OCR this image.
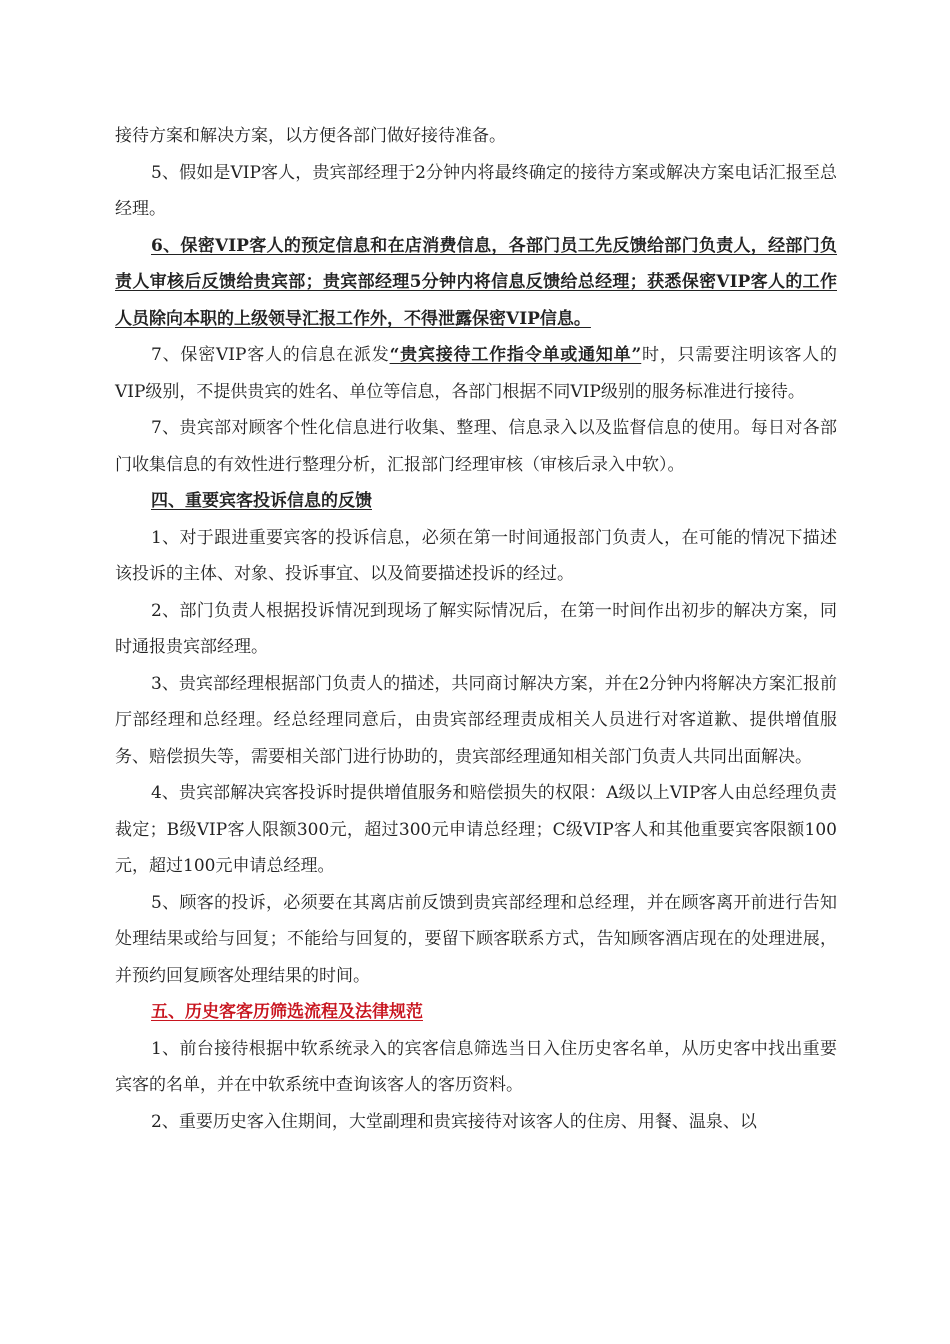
接待方案和解决方案，以方便各部门做好接待准备。

5、假如是VIP客人，贵宾部经理于2分钟内将最终确定的接待方案或解决方案电话汇报至总经理。

6、保密VIP客人的预定信息和在店消费信息，各部门员工先反馈给部门负责人，经部门负责人审核后反馈给贵宾部；贵宾部经理5分钟内将信息反馈给总经理；获悉保密VIP客人的工作人员除向本职的上级领导汇报工作外，不得泄露保密VIP信息。

7、保密VIP客人的信息在派发“贵宾接待工作指令单或通知单”时，只需要注明该客人的VIP级别，不提供贵宾的姓名、单位等信息，各部门根据不同VIP级别的服务标准进行接待。

7、贵宾部对顾客个性化信息进行收集、整理、信息录入以及监督信息的使用。每日对各部门收集信息的有效性进行整理分析，汇报部门经理审核（审核后录入中软）。

四、重要宾客投诉信息的反馈

1、对于跟进重要宾客的投诉信息，必须在第一时间通报部门负责人，在可能的情况下描述该投诉的主体、对象、投诉事宜、以及简要描述投诉的经过。

2、部门负责人根据投诉情况到现场了解实际情况后，在第一时间作出初步的解决方案，同时通报贵宾部经理。

3、贵宾部经理根据部门负责人的描述，共同商讨解决方案，并在2分钟内将解决方案汇报前厅部经理和总经理。经总经理同意后，由贵宾部经理责成相关人员进行对客道歉、提供增值服务、赔偿损失等，需要相关部门进行协助的，贵宾部经理通知相关部门负责人共同出面解决。

4、贵宾部解决宾客投诉时提供增值服务和赔偿损失的权限：A级以上VIP客人由总经理负责裁定；B级VIP客人限额300元，超过300元申请总经理；C级VIP客人和其他重要宾客限额100元，超过100元申请总经理。

5、顾客的投诉，必须要在其离店前反馈到贵宾部经理和总经理，并在顾客离开前进行告知处理结果或给与回复；不能给与回复的，要留下顾客联系方式，告知顾客酒店现在的处理进展，并预约回复顾客处理结果的时间。

五、历史客客历筛选流程及法律规范

1、前台接待根据中软系统录入的宾客信息筛选当日入住历史客名单，从历史客中找出重要宾客的名单，并在中软系统中查询该客人的客历资料。

2、重要历史客入住期间，大堂副理和贵宾接待对该客人的住房、用餐、温泉、以
